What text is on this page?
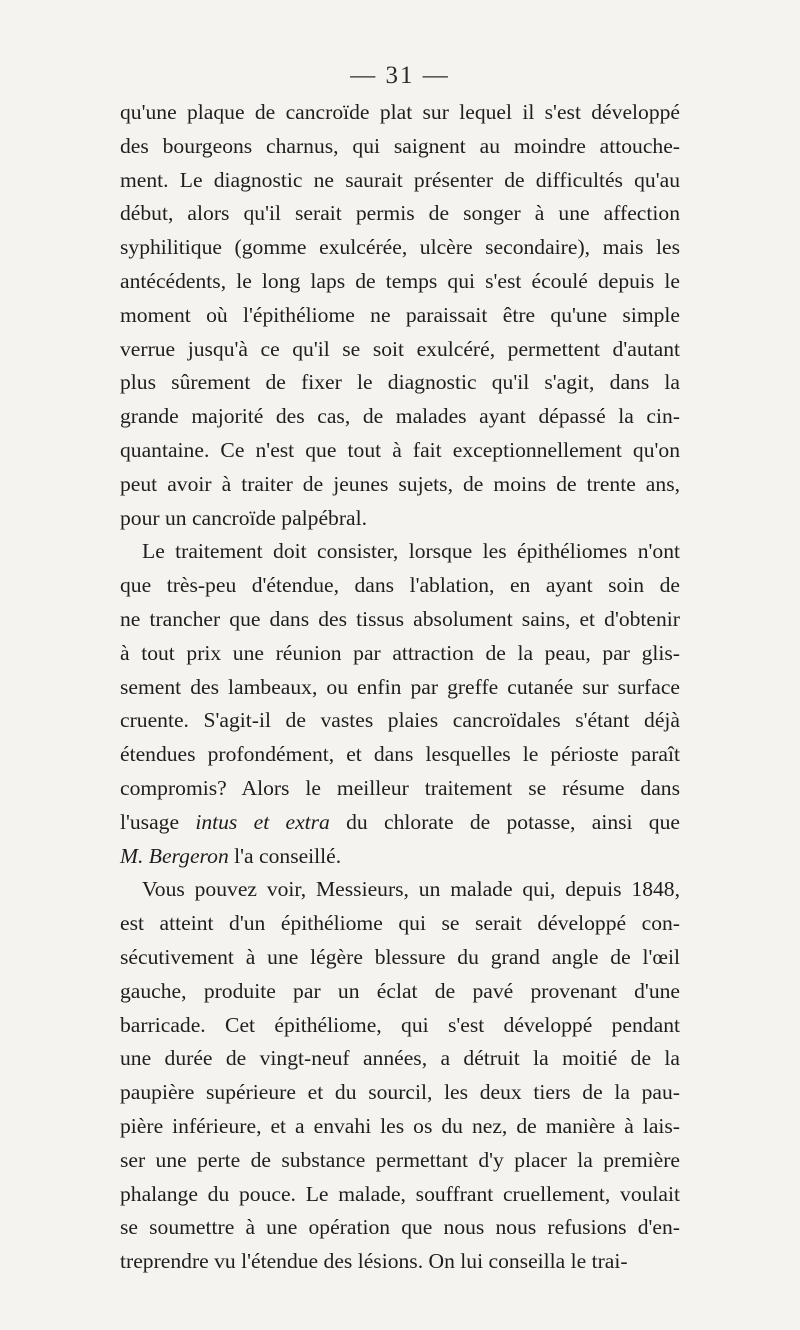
— 31 —
qu'une plaque de cancroïde plat sur lequel il s'est développé
des bourgeons charnus, qui saignent au moindre attouche-
ment. Le diagnostic ne saurait présenter de difficultés qu'au
début, alors qu'il serait permis de songer à une affection
syphilitique (gomme exulcérée, ulcère secondaire), mais les
antécédents, le long laps de temps qui s'est écoulé depuis le
moment où l'épithéliome ne paraissait être qu'une simple
verrue jusqu'à ce qu'il se soit exulcéré, permettent d'autant
plus sûrement de fixer le diagnostic qu'il s'agit, dans la
grande majorité des cas, de malades ayant dépassé la cin-
quantaine. Ce n'est que tout à fait exceptionnellement qu'on
peut avoir à traiter de jeunes sujets, de moins de trente ans,
pour un cancroïde palpébral.
Le traitement doit consister, lorsque les épithéliomes n'ont
que très-peu d'étendue, dans l'ablation, en ayant soin de
ne trancher que dans des tissus absolument sains, et d'obtenir
à tout prix une réunion par attraction de la peau, par glis-
sement des lambeaux, ou enfin par greffe cutanée sur surface
cruente. S'agit-il de vastes plaies cancroïdales s'étant déjà
étendues profondément, et dans lesquelles le périoste paraît
compromis? Alors le meilleur traitement se résume dans
l'usage intus et extra du chlorate de potasse, ainsi que
M. Bergeron l'a conseillé.
Vous pouvez voir, Messieurs, un malade qui, depuis 1848,
est atteint d'un épithéliome qui se serait développé con-
sécutivement à une légère blessure du grand angle de l'œil
gauche, produite par un éclat de pavé provenant d'une
barricade. Cet épithéliome, qui s'est développé pendant
une durée de vingt-neuf années, a détruit la moitié de la
paupière supérieure et du sourcil, les deux tiers de la pau-
pière inférieure, et a envahi les os du nez, de manière à lais-
ser une perte de substance permettant d'y placer la première
phalange du pouce. Le malade, souffrant cruellement, voulait
se soumettre à une opération que nous nous refusions d'en-
treprendre vu l'étendue des lésions. On lui conseilla le trai-
